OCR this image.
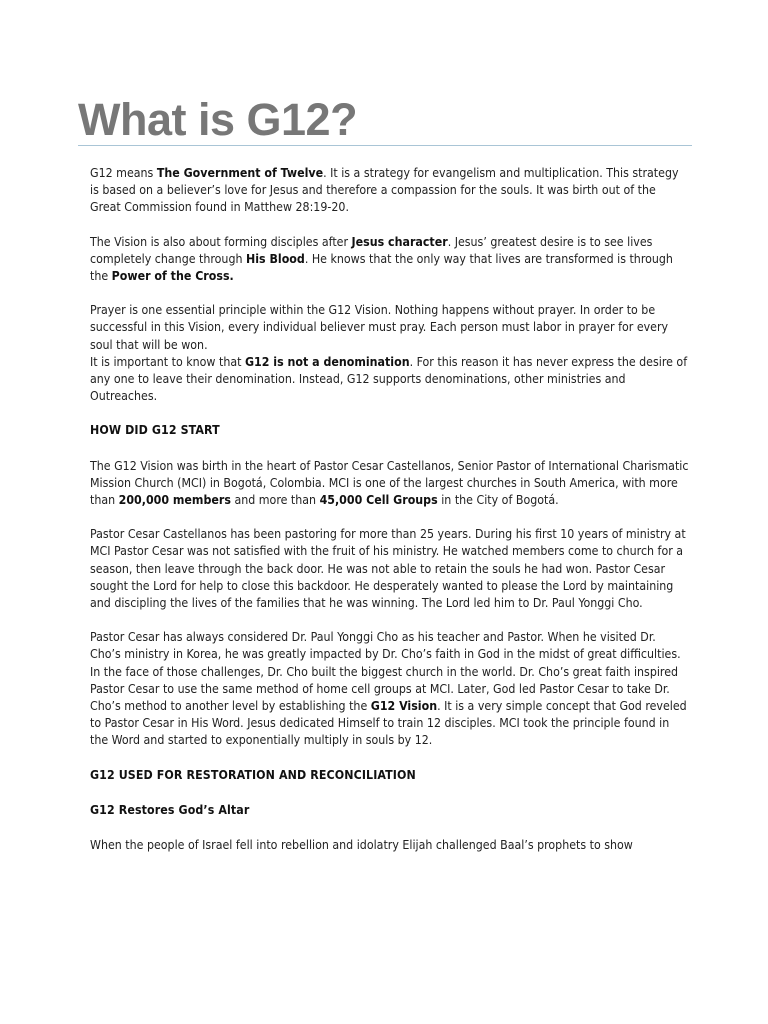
What is G12?

G12 means The Government of Twelve. It is a strategy for evangelism and multiplication. This strategy is based on a believer’s love for Jesus and therefore a compassion for the souls. It was birth out of the Great Commission found in Matthew 28:19-20.

The Vision is also about forming disciples after Jesus character. Jesus’ greatest desire is to see lives completely change through His Blood. He knows that the only way that lives are transformed is through the Power of the Cross.

Prayer is one essential principle within the G12 Vision. Nothing happens without prayer. In order to be successful in this Vision, every individual believer must pray. Each person must labor in prayer for every soul that will be won.

It is important to know that G12 is not a denomination. For this reason it has never express the desire of any one to leave their denomination. Instead, G12 supports denominations, other ministries and Outreaches.

HOW DID G12 START

The G12 Vision was birth in the heart of Pastor Cesar Castellanos, Senior Pastor of International Charismatic Mission Church (MCI) in Bogotá, Colombia. MCI is one of the largest churches in South America, with more than 200,000 members and more than 45,000 Cell Groups in the City of Bogotá.

Pastor Cesar Castellanos has been pastoring for more than 25 years. During his first 10 years of ministry at MCI Pastor Cesar was not satisfied with the fruit of his ministry. He watched members come to church for a season, then leave through the back door. He was not able to retain the souls he had won. Pastor Cesar sought the Lord for help to close this backdoor. He desperately wanted to please the Lord by maintaining and discipling the lives of the families that he was winning. The Lord led him to Dr. Paul Yonggi Cho.

Pastor Cesar has always considered Dr. Paul Yonggi Cho as his teacher and Pastor. When he visited Dr. Cho’s ministry in Korea, he was greatly impacted by Dr. Cho’s faith in God in the midst of great difficulties. In the face of those challenges, Dr. Cho built the biggest church in the world. Dr. Cho’s great faith inspired Pastor Cesar to use the same method of home cell groups at MCI. Later, God led Pastor Cesar to take Dr. Cho’s method to another level by establishing the G12 Vision. It is a very simple concept that God reveled to Pastor Cesar in His Word. Jesus dedicated Himself to train 12 disciples. MCI took the principle found in the Word and started to exponentially multiply in souls by 12.

G12 USED FOR RESTORATION AND RECONCILIATION

G12 Restores God’s Altar

When the people of Israel fell into rebellion and idolatry Elijah challenged Baal’s prophets to show
